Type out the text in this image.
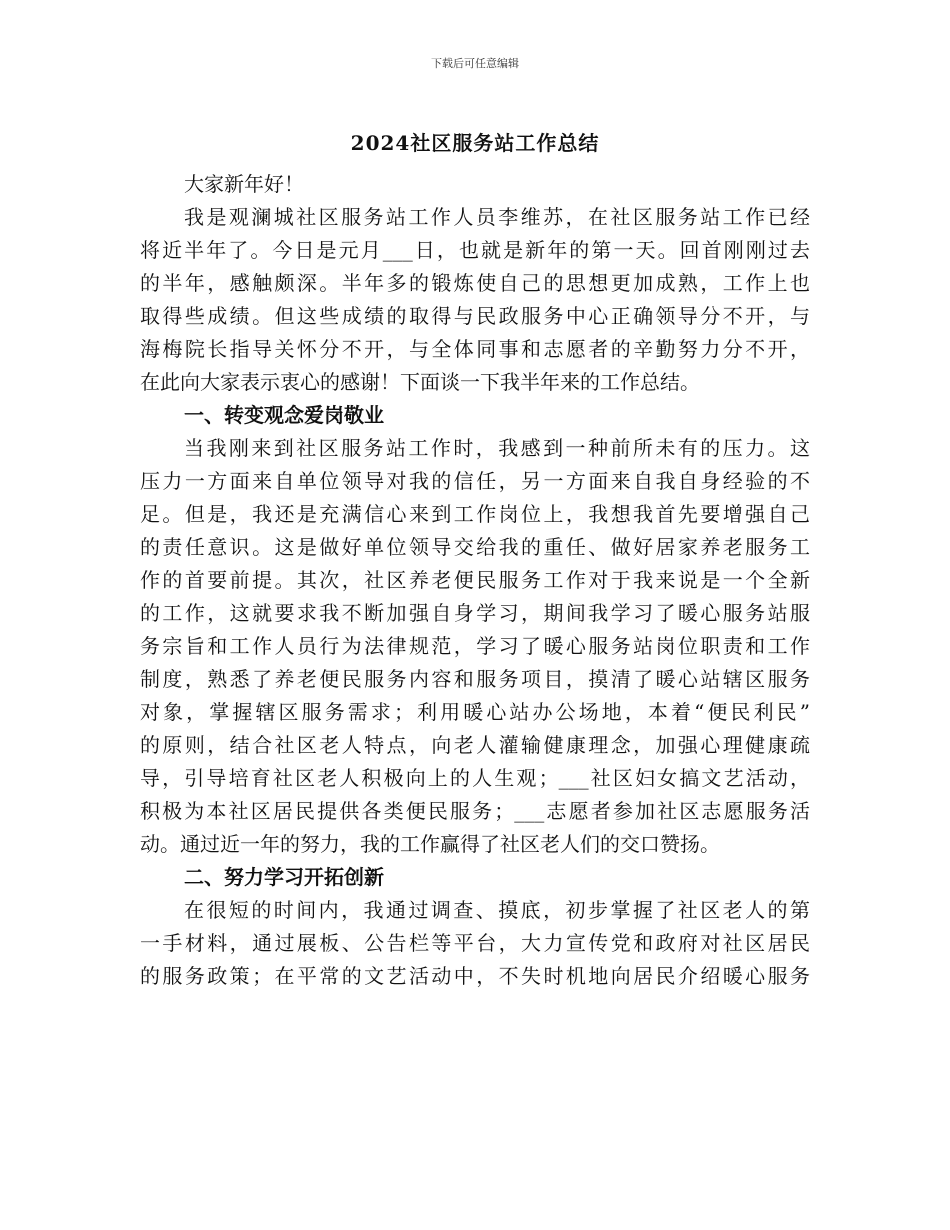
下载后可任意编辑
2024社区服务站工作总结
大家新年好！
我是观澜城社区服务站工作人员李维苏，在社区服务站工作已经
将近半年了。今日是元月___日，也就是新年的第一天。回首刚刚过去
的半年，感触颇深。半年多的锻炼使自己的思想更加成熟，工作上也
取得些成绩。但这些成绩的取得与民政服务中心正确领导分不开，与
海梅院长指导关怀分不开，与全体同事和志愿者的辛勤努力分不开，
在此向大家表示衷心的感谢！下面谈一下我半年来的工作总结。
一、转变观念爱岗敬业
当我刚来到社区服务站工作时，我感到一种前所未有的压力。这
压力一方面来自单位领导对我的信任，另一方面来自我自身经验的不
足。但是，我还是充满信心来到工作岗位上，我想我首先要增强自己
的责任意识。这是做好单位领导交给我的重任、做好居家养老服务工
作的首要前提。其次，社区养老便民服务工作对于我来说是一个全新
的工作，这就要求我不断加强自身学习，期间我学习了暖心服务站服
务宗旨和工作人员行为法律规范，学习了暖心服务站岗位职责和工作
制度，熟悉了养老便民服务内容和服务项目，摸清了暖心站辖区服务
对象，掌握辖区服务需求；利用暖心站办公场地，本着“便民利民”
的原则，结合社区老人特点，向老人灌输健康理念，加强心理健康疏
导，引导培育社区老人积极向上的人生观；___社区妇女搞文艺活动，
积极为本社区居民提供各类便民服务；___志愿者参加社区志愿服务活
动。通过近一年的努力，我的工作赢得了社区老人们的交口赞扬。
二、努力学习开拓创新
在很短的时间内，我通过调查、摸底，初步掌握了社区老人的第
一手材料，通过展板、公告栏等平台，大力宣传党和政府对社区居民
的服务政策；在平常的文艺活动中，不失时机地向居民介绍暖心服务
